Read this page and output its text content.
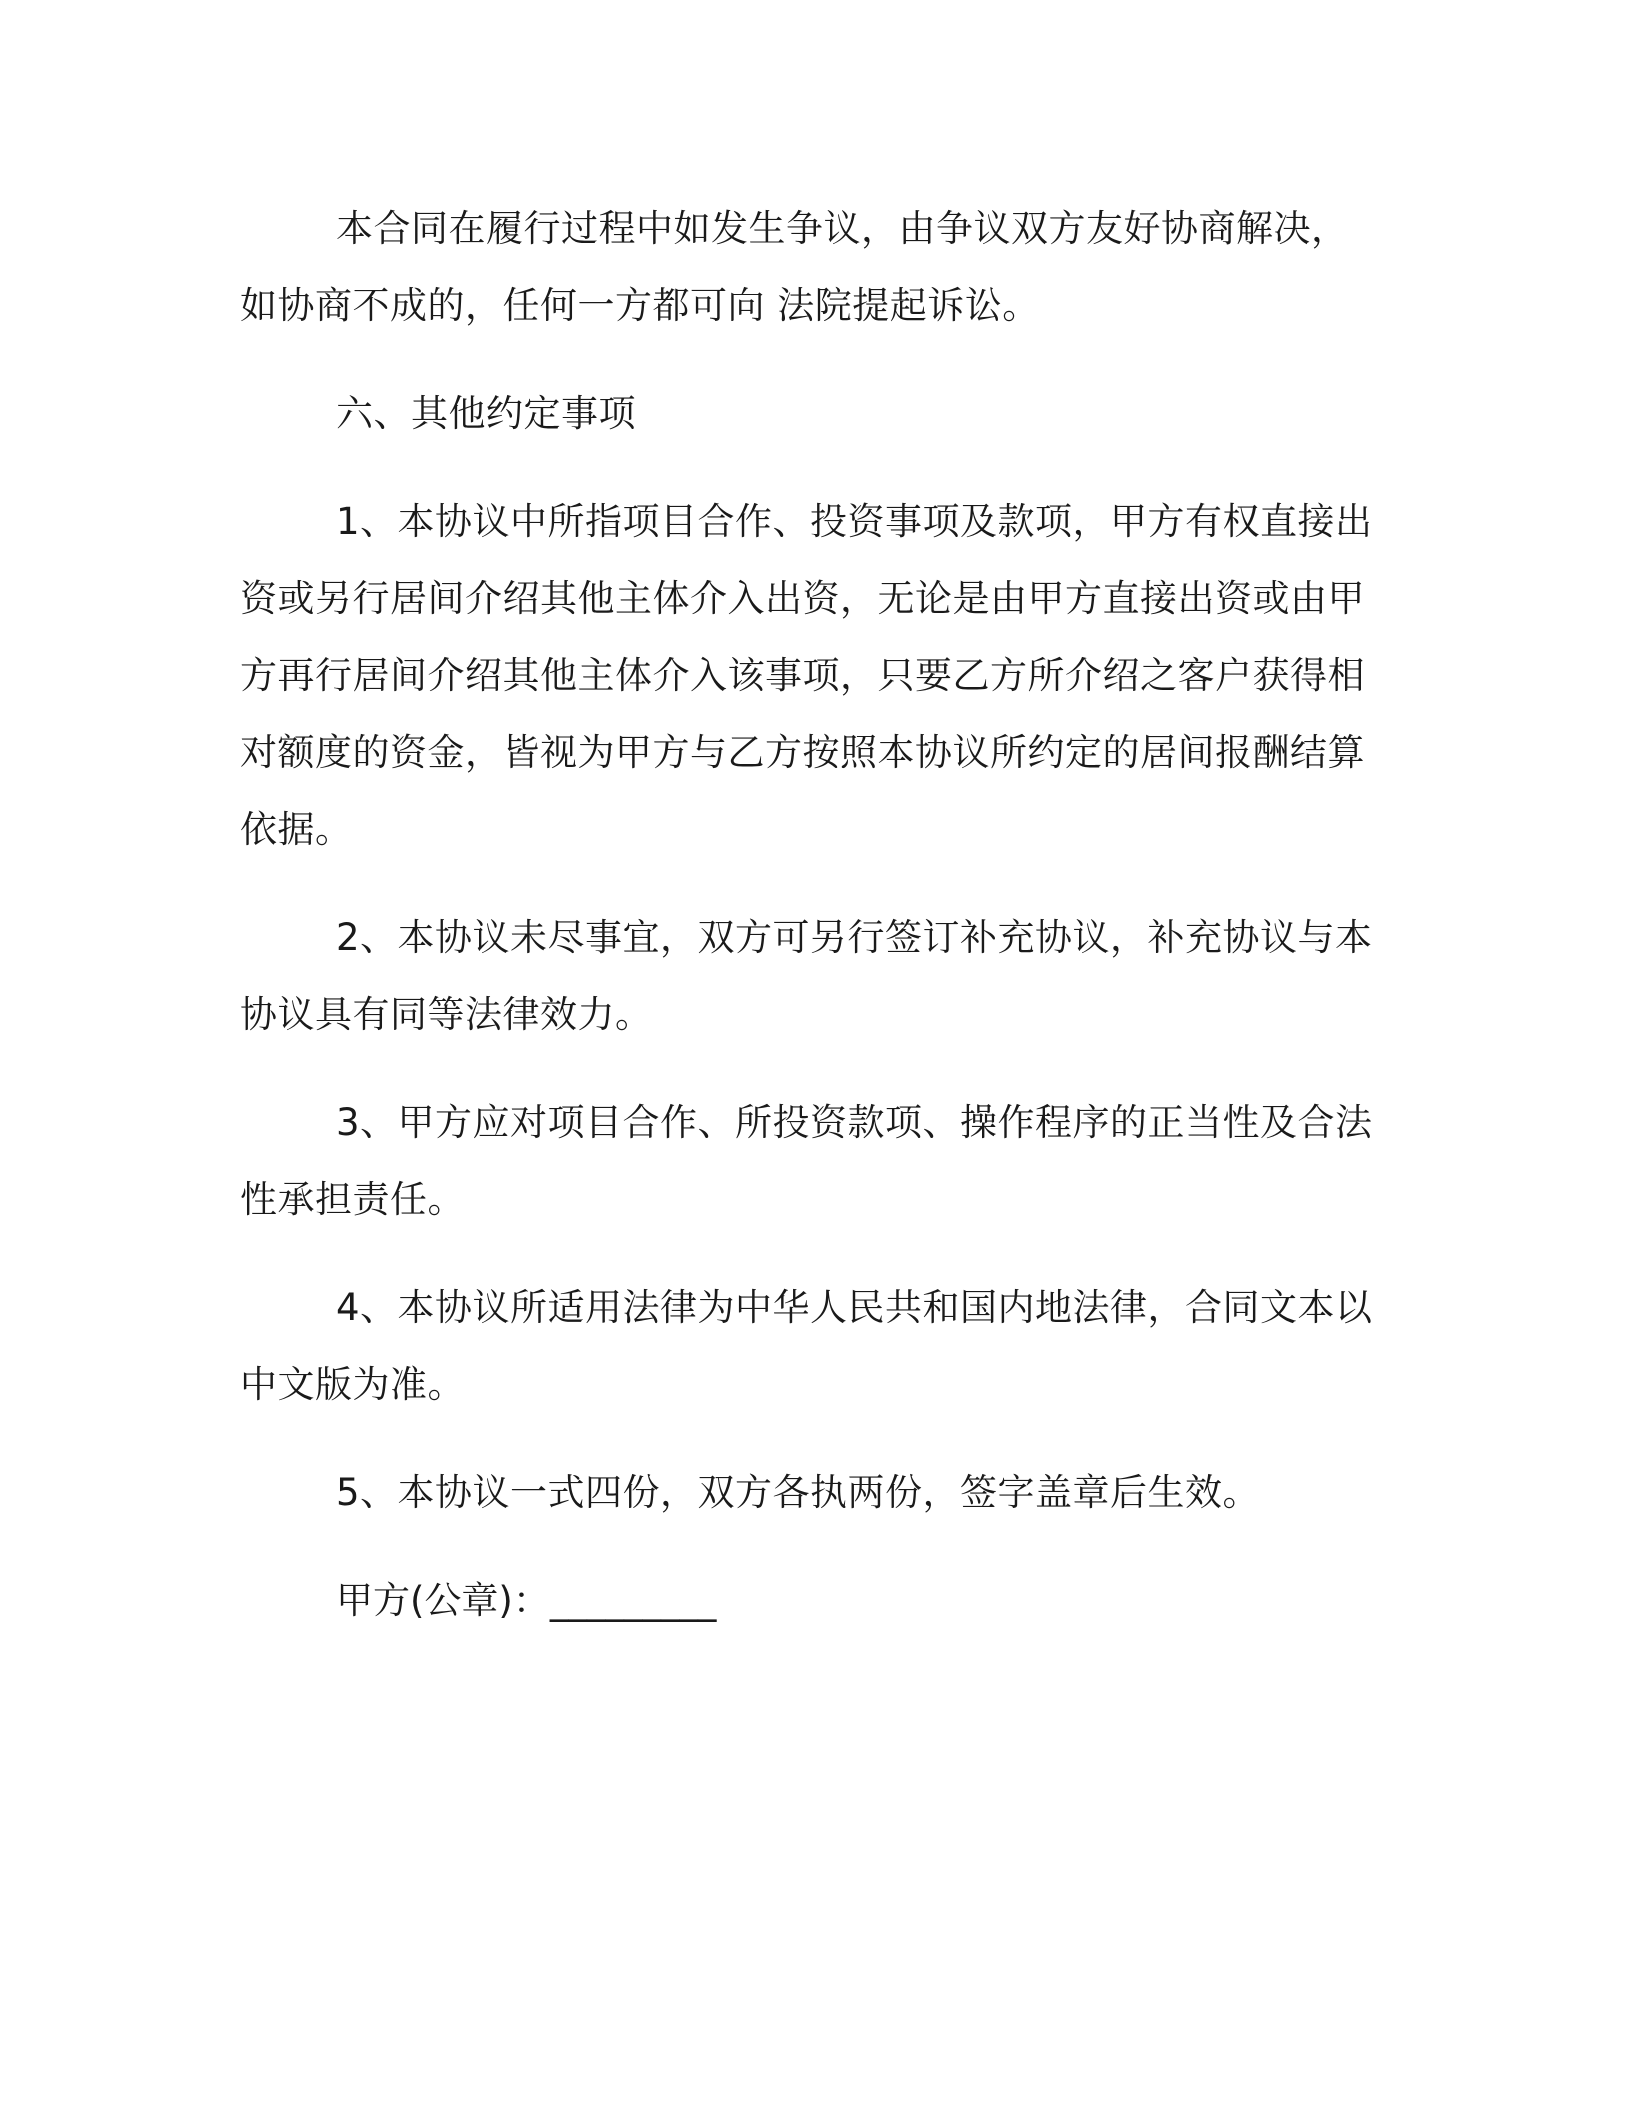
本合同在履行过程中如发生争议，由争议双方友好协商解决，如协商不成的，任何一方都可向 法院提起诉讼。

六、其他约定事项

1、本协议中所指项目合作、投资事项及款项，甲方有权直接出资或另行居间介绍其他主体介入出资，无论是由甲方直接出资或由甲方再行居间介绍其他主体介入该事项，只要乙方所介绍之客户获得相对额度的资金，皆视为甲方与乙方按照本协议所约定的居间报酬结算依据。

2、本协议未尽事宜，双方可另行签订补充协议，补充协议与本协议具有同等法律效力。

3、甲方应对项目合作、所投资款项、操作程序的正当性及合法性承担责任。

4、本协议所适用法律为中华人民共和国内地法律，合同文本以中文版为准。

5、本协议一式四份，双方各执两份，签字盖章后生效。

甲方(公章)：_________
